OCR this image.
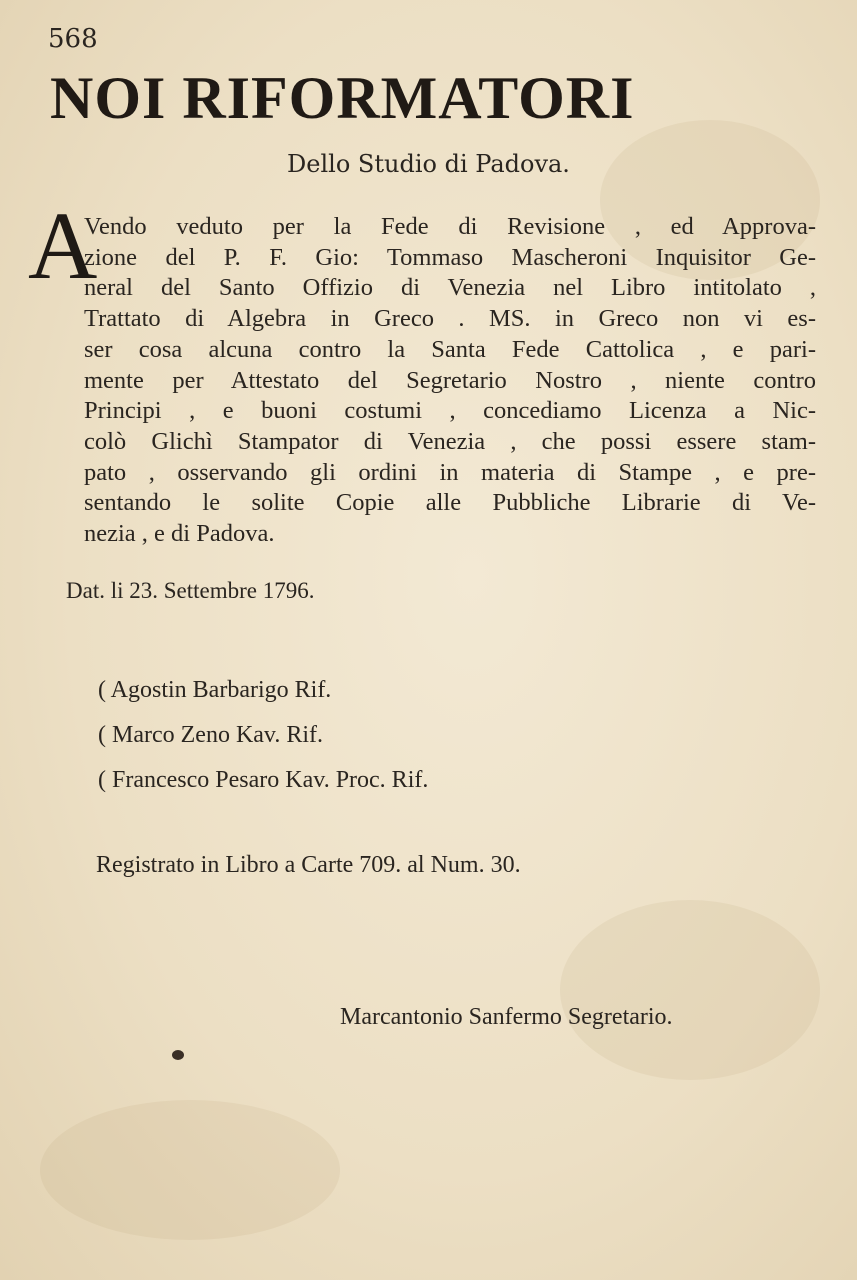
568
NOI RIFORMATORI
Dello Studio di Padova.
A
Vendo veduto per la Fede di Revisione , ed Approva-
zione del P. F. Gio: Tommaso Mascheroni Inquisitor Ge-
neral del Santo Offizio di Venezia nel Libro intitolato ,
Trattato di Algebra in Greco . MS. in Greco non vi es-
ser cosa alcuna contro la Santa Fede Cattolica , e pari-
mente per Attestato del Segretario Nostro , niente contro
Principi , e buoni costumi , concediamo Licenza a Nic-
colò Glichì Stampator di Venezia , che possi essere stam-
pato , osservando gli ordini in materia di Stampe , e pre-
sentando le solite Copie alle Pubbliche Librarie di Ve-
nezia , e di Padova.
Dat. li 23. Settembre 1796.
( Agostin Barbarigo Rif.
( Marco Zeno Kav. Rif.
( Francesco Pesaro Kav. Proc. Rif.
Registrato in Libro a Carte 709. al Num. 30.
Marcantonio Sanfermo Segretario.
